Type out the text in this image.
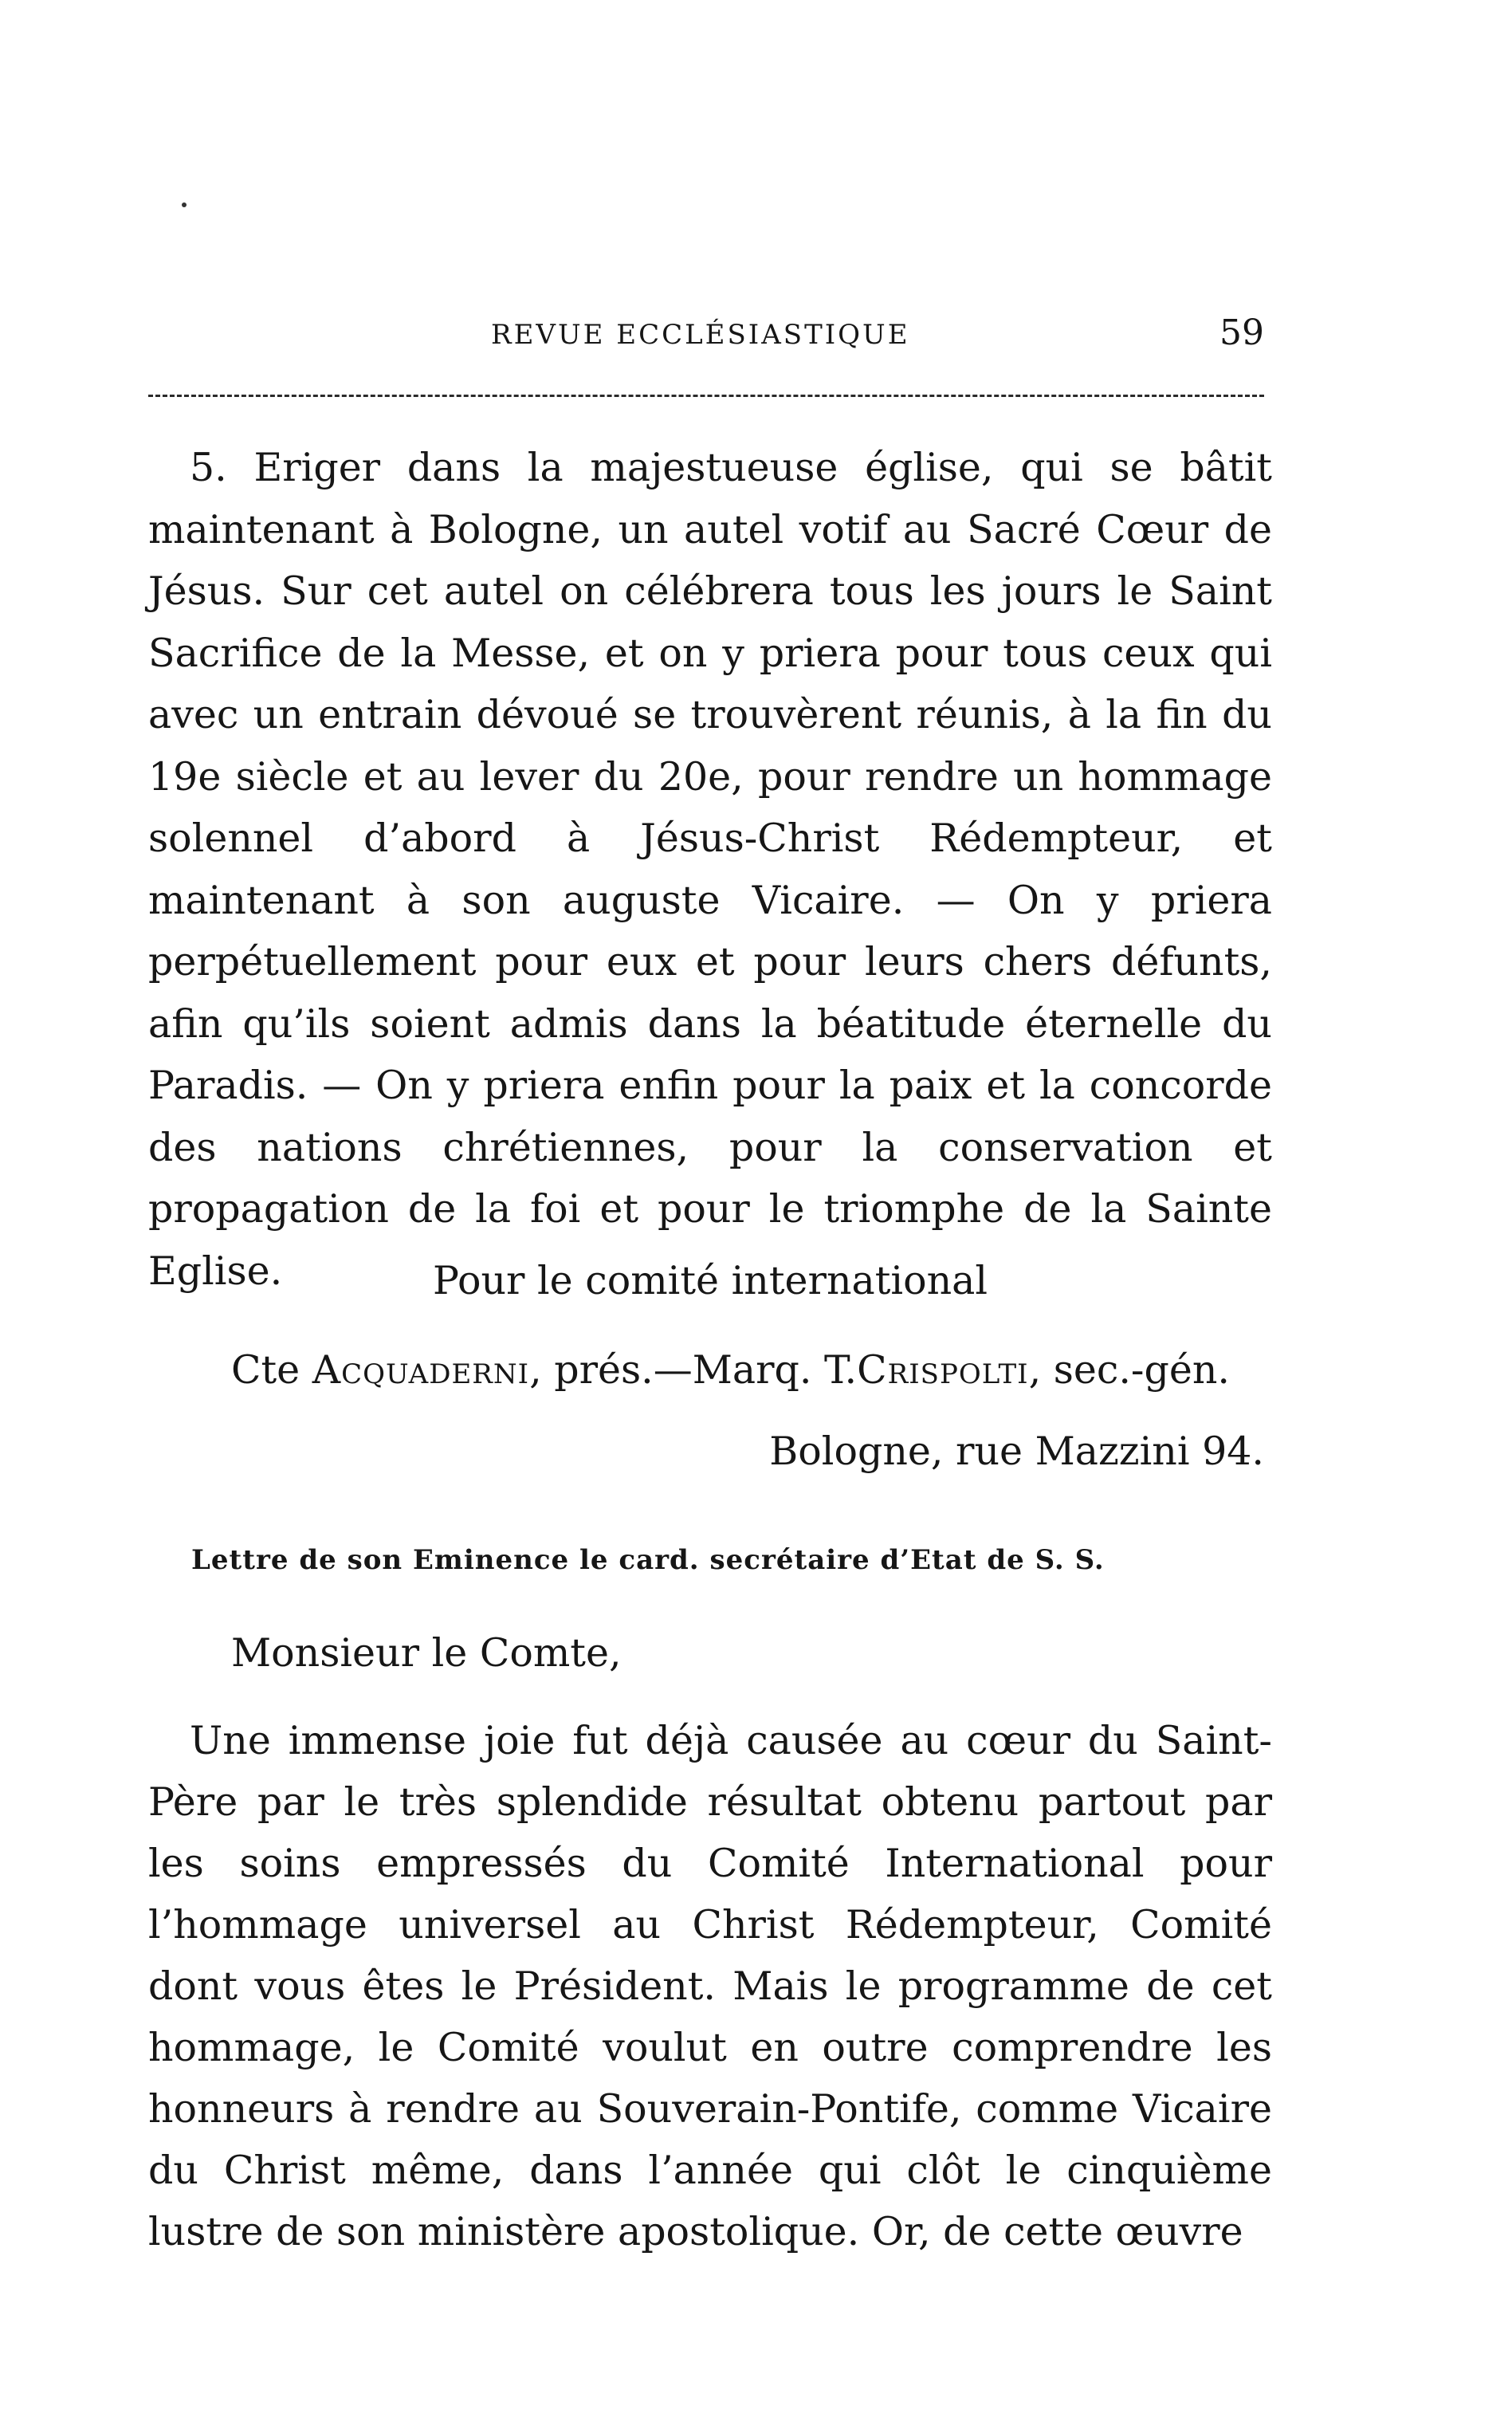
REVUE ECCLÉSIASTIQUE	59

5. Eriger dans la majestueuse église, qui se bâtit maintenant à Bologne, un autel votif au Sacré Cœur de Jésus. Sur cet autel on célébrera tous les jours le Saint Sacrifice de la Messe, et on y priera pour tous ceux qui avec un entrain dévoué se trouvèrent réunis, à la fin du 19e siècle et au lever du 20e, pour rendre un hommage solennel d’abord à Jésus-Christ Rédempteur, et maintenant à son auguste Vicaire. — On y priera perpétuellement pour eux et pour leurs chers défunts, afin qu’ils soient admis dans la béatitude éternelle du Paradis. — On y priera enfin pour la paix et la concorde des nations chrétiennes, pour la conservation et propagation de la foi et pour le triomphe de la Sainte Eglise.	Pour le comité international
Cte Acquaderni, prés.—Marq. T.Crispolti, sec.-gén.
Bologne, rue Mazzini 94.
Lettre de son Eminence le card. secrétaire d’Etat de S. S.
Monsieur le Comte,

Une immense joie fut déjà causée au cœur du Saint-Père par le très splendide résultat obtenu partout par les soins empressés du Comité International pour l’hommage universel au Christ Rédempteur, Comité dont vous êtes le Président. Mais le programme de cet hommage, le Comité voulut en outre comprendre les honneurs à rendre au Souverain-Pontife, comme Vicaire du Christ même, dans l’année qui clôt le cinquième lustre de son ministère apostolique. Or, de cette œuvre
